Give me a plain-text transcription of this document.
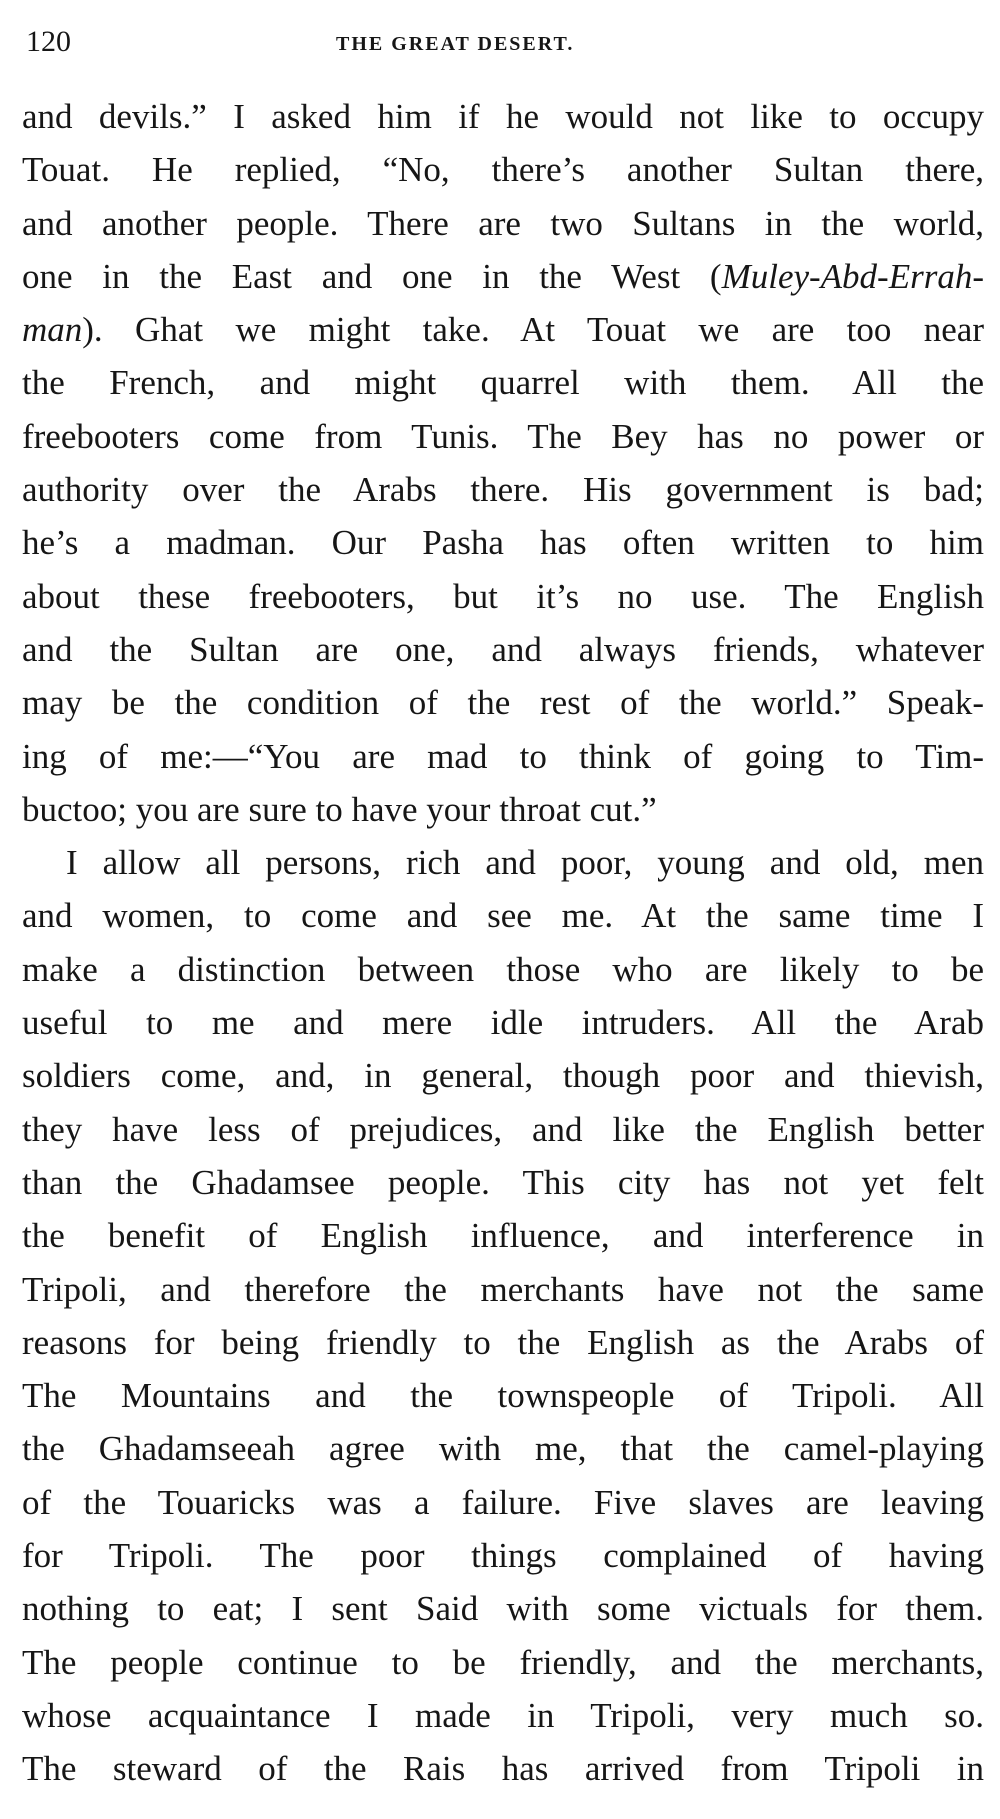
120	THE GREAT DESERT.
and devils.” I asked him if he would not like to occupy
Touat. He replied, “No, there’s another Sultan there,
and another people. There are two Sultans in the world,
one in the East and one in the West (Muley-Abd-Errah-
man). Ghat we might take. At Touat we are too near
the French, and might quarrel with them. All the
freebooters come from Tunis. The Bey has no power or
authority over the Arabs there. His government is bad;
he’s a madman. Our Pasha has often written to him
about these freebooters, but it’s no use. The English
and the Sultan are one, and always friends, whatever
may be the condition of the rest of the world.” Speak-
ing of me:—“You are mad to think of going to Tim-
buctoo; you are sure to have your throat cut.”
I allow all persons, rich and poor, young and old, men
and women, to come and see me. At the same time I
make a distinction between those who are likely to be
useful to me and mere idle intruders. All the Arab
soldiers come, and, in general, though poor and thievish,
they have less of prejudices, and like the English better
than the Ghadamsee people. This city has not yet felt
the benefit of English influence, and interference in
Tripoli, and therefore the merchants have not the same
reasons for being friendly to the English as the Arabs of
The Mountains and the townspeople of Tripoli. All
the Ghadamseeah agree with me, that the camel-playing
of the Touaricks was a failure. Five slaves are leaving
for Tripoli. The poor things complained of having
nothing to eat; I sent Said with some victuals for them.
The people continue to be friendly, and the merchants,
whose acquaintance I made in Tripoli, very much so.
The steward of the Rais has arrived from Tripoli in
